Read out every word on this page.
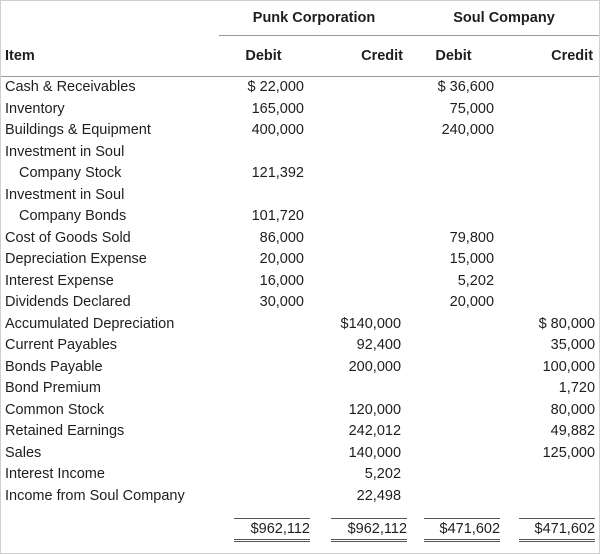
	Punk Corporation		Soul Company	
Item	Debit	Credit	Debit	Credit
Cash & Receivables	$ 22,000		$ 36,600	
Inventory	165,000		75,000	
Buildings & Equipment	400,000		240,000	
Investment in Soul				
Company Stock	121,392			
Investment in Soul				
Company Bonds	101,720			
Cost of Goods Sold	86,000		79,800	
Depreciation Expense	20,000		15,000	
Interest Expense	16,000		5,202	
Dividends Declared	30,000		20,000	
Accumulated Depreciation		$140,000		$ 80,000
Current Payables		92,400		35,000
Bonds Payable		200,000		100,000
Bond Premium				1,720
Common Stock		120,000		80,000
Retained Earnings		242,012		49,882
Sales		140,000		125,000
Interest Income		5,202		
Income from Soul Company		22,498		

	$962,112	$962,112	$471,602	$471,602
